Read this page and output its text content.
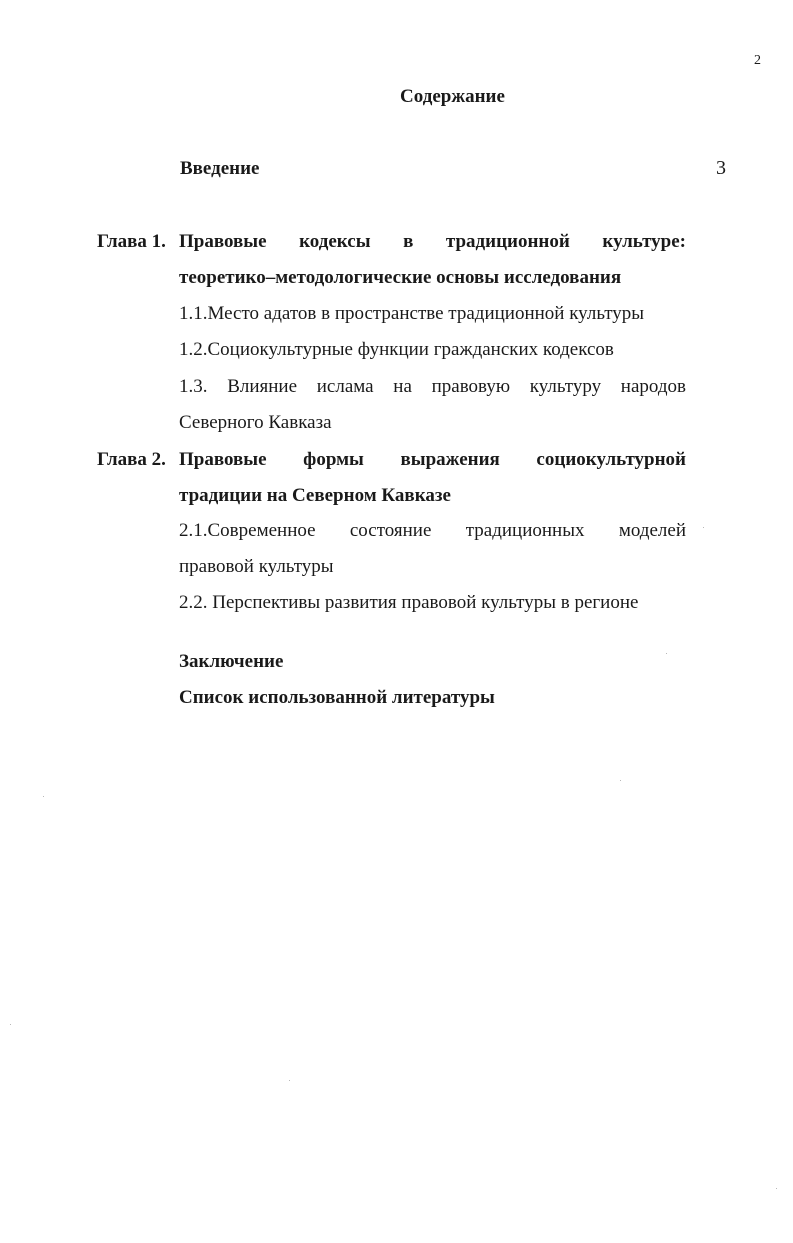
2
Содержание
Введение	3
Глава 1. Правовые кодексы в традиционной культуре:
теоретико–методологические основы исследования
1.1.Место адатов в пространстве традиционной культуры
1.2.Социокультурные функции гражданских кодексов
1.3. Влияние ислама на правовую культуру народов
Северного Кавказа
Глава 2. Правовые формы выражения социокультурной
традиции на Северном Кавказе
2.1.Современное состояние традиционных моделей
правовой культуры
2.2. Перспективы развития правовой культуры в регионе
Заключение
Список использованной литературы
